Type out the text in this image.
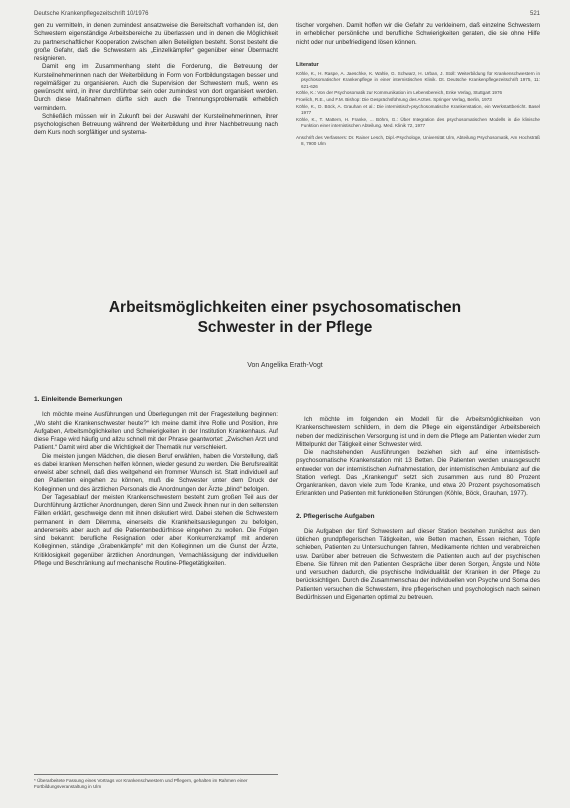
Deutsche Krankenpflegezeitschrift 10/1976	521

gen zu vermitteln, in denen zumindest ansatzweise die Bereitschaft vorhanden ist, den Schwestern eigenständige Arbeitsbereiche zu überlassen und in denen die Möglichkeit zu partnerschaftlicher Kooperation zwischen allen Beteiligten besteht. Sonst besteht die große Gefahr, daß die Schwestern als „Einzelkämpfer“ gegenüber einer Übermacht resignieren.

Damit eng im Zusammenhang steht die Forderung, die Betreuung der Kursteilnehmerinnen nach der Weiterbildung in Form von Fortbildungstagen besser und regelmäßiger zu organisieren. Auch die Supervision der Schwestern muß, wenn es gewünscht wird, in ihrer durchführbar sein oder zumindest von dort organisiert werden. Durch diese Maßnahmen dürfte sich auch die Trennungsproblematik erheblich vermindern.

Schließlich müssen wir in Zukunft bei der Auswahl der Kursteilnehmerinnen, ihrer psychologischen Betreuung während der Weiterbildung und ihrer Nachbetreuung nach dem Kurs noch sorgfältiger und systema-

tischer vorgehen. Damit hoffen wir die Gefahr zu verkleinern, daß einzelne Schwestern in erheblicher persönliche und berufliche Schwierigkeiten geraten, die sie ohne Hilfe nicht oder nur unbefriedigend lösen können.

Literatur

Köhle, K., H. Raspe, A. Jaeschke, K. Wahle, G. Schwarz, H. Urban, J. Stoll: Weiterbildung für Krankenschwestern in psychosomatischer Krankenpflege in einer internistischen Klinik. Dt. Deutsche Krankenpflegezeitschrift 1975, 11: 621-626

Köhle, K.: Von der Psychosomatik zur Kommunikation im Lebensbereich, Enke Verlag, Stuttgart 1976

Froelich, R.E., und F.M. Bishop: Die Gesprächsführung des Arztes. Springer Verlag, Berlin, 1973

Köhle, K., D. Böck, A. Grauhan et al.: Die internistisch-psychosomatische Krankenstation, ein Werkstattbericht. Basel 1977

Köhle, K., T. Mattern, H. Franke, ... Böhm, G.: Über Integration des psychosomatischen Modells in die klinische Funktion einer internistischen Abteilung. Med. Klinik 72, 1977

Anschrift des Verfassers: Dr. Rainer Lesch, Dipl.-Psychologe, Universität Ulm, Abteilung Psychosomatik, Am Hochsträß 8, 7900 Ulm

Arbeitsmöglichkeiten einer psychosomatischen
Schwester in der Pflege
Von Angelika Erath-Vogt
1. Einleitende Bemerkungen

Ich möchte meine Ausführungen und Überlegungen mit der Fragestellung beginnen: „Wo steht die Krankenschwester heute?“ Ich meine damit ihre Rolle und Position, ihre Aufgaben, Arbeitsmöglichkeiten und Schwierigkeiten in der Institution Krankenhaus. Auf diese Frage wird häufig und allzu schnell mit der Phrase geantwortet: „Zwischen Arzt und Patient.“ Damit wird aber die Wichtigkeit der Thematik nur verschleiert.

Die meisten jungen Mädchen, die diesen Beruf erwählen, haben die Vorstellung, daß es dabei kranken Menschen helfen können, wieder gesund zu werden. Die Berufsrealität erweist aber schnell, daß dies weitgehend ein frommer Wunsch ist. Statt individuell auf den Patienten eingehen zu können, muß die Schwester unter dem Druck der Kolleginnen und des ärztlichen Personals die Anordnungen der Ärzte „blind“ befolgen.

Der Tagesablauf der meisten Krankenschwestern besteht zum großen Teil aus der Durchführung ärztlicher Anordnungen, deren Sinn und Zweck ihnen nur in den seltensten Fällen erklärt, geschweige denn mit ihnen diskutiert wird. Dabei stehen die Schwestern permanent in dem Dilemma, einerseits die Krankheitsauslegungen zu befolgen, andererseits aber auch auf die Patientenbedürfnisse eingehen zu wollen. Die Folgen sind bekannt: berufliche Resignation oder aber Konkurrenzkampf mit anderen Kolleginnen, ständige „Grabenkämpfe“ mit den Kolleginnen um die Gunst der Ärzte, Kritiklosigkeit gegenüber ärztlichen Anordnungen, Vernachlässigung der individuellen Pflege und Beschränkung auf mechanische Routine-Pflegetätigkeiten.

Ich möchte im folgenden ein Modell für die Arbeitsmöglichkeiten von Krankenschwestern schildern, in dem die Pflege ein eigenständiger Arbeitsbereich neben der medizinischen Versorgung ist und in dem die Pflege am Patienten wieder zum Mittelpunkt der Tätigkeit einer Schwester wird.

Die nachstehenden Ausführungen beziehen sich auf eine internistisch-psychosomatische Krankenstation mit 13 Betten. Die Patienten werden unausgesucht entweder von der internistischen Aufnahmestation, der internistischen Ambulanz auf die Station verlegt. Das „Krankengut“ setzt sich zusammen aus rund 80 Prozent Organkranken, davon viele zum Tode Kranke, und etwa 20 Prozent psychosomatisch Erkrankten und Patienten mit funktionellen Störungen (Köhle, Böck, Grauhan, 1977).

2. Pflegerische Aufgaben

Die Aufgaben der fünf Schwestern auf dieser Station bestehen zunächst aus den üblichen grundpflegerischen Tätigkeiten, wie Betten machen, Essen reichen, Töpfe schieben, Patienten zu Untersuchungen fahren, Medikamente richten und verabreichen usw. Darüber aber betreuen die Schwestern die Patienten auch auf der psychischen Ebene. Sie führen mit den Patienten Gespräche über deren Sorgen, Ängste und Nöte und versuchen dadurch, die psychische Individualität der Kranken in der Pflege zu berücksichtigen. Durch die Zusammenschau der individuellen von Psyche und Soma des Patienten versuchen die Schwestern, ihre pflegerischen und psychologisch nach seinen Bedürfnissen und Eigenarten optimal zu betreuen.

* Überarbeitete Fassung eines Vortrags vor Krankenschwestern und Pflegern, gehalten im Rahmen einer Fortbildungsveranstaltung in Ulm
